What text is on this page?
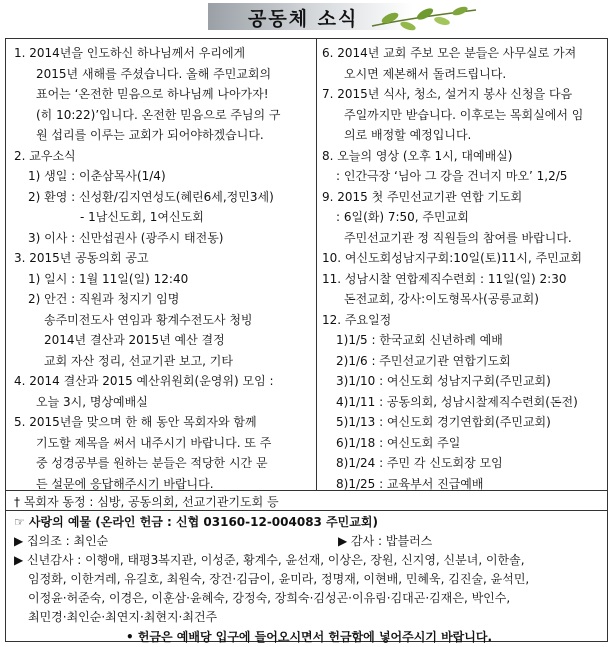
공동체 소식
1. 2014년을 인도하신 하나님께서 우리에게
2015년 새해를 주셨습니다. 올해 주민교회의
표어는 ‘온전한 믿음으로 하나님께 나아가자!
(히 10:22)’입니다. 온전한 믿음으로 주님의 구
원 섭리를 이루는 교회가 되어야하겠습니다.
2. 교우소식
1) 생일 : 이춘삼목사(1/4)
2) 환영 : 신성환/김지연성도(혜린6세,정민3세)
- 1남신도회, 1여신도회
3) 이사 : 신만섭권사 (광주시 태전동)
3. 2015년 공동의회 공고
1) 일시 : 1월 11일(일) 12:40
2) 안건 : 직원과 청지기 임명
송주미전도사 연임과 황계수전도사 청빙
2014년 결산과 2015년 예산 결정
교회 자산 정리, 선교기관 보고, 기타
4. 2014 결산과 2015 예산위원회(운영위) 모임 :
오늘 3시, 명상예배실
5. 2015년을 맞으며 한 해 동안 목회자와 함께
기도할 제목을 써서 내주시기 바랍니다. 또 주
중 성경공부를 원하는 분들은 적당한 시간 문
든 설문에 응답해주시기 바랍니다.
6. 2014년 교회 주보 모은 분들은 사무실로 가져
오시면 제본해서 돌려드립니다.
7. 2015년 식사, 청소, 설거지 봉사 신청을 다음
주일까지만 받습니다. 이후로는 목회실에서 임
의로 배정할 예정입니다.
8. 오늘의 영상 (오후 1시, 대예배실)
: 인간극장 ‘님아 그 강을 건너지 마오’ 1,2/5
9. 2015 첫 주민선교기관 연합 기도회
: 6일(화) 7:50, 주민교회
주민선교기관 정 직원들의 참여를 바랍니다.
10. 여신도회성남지구회:10일(토)11시, 주민교회
11. 성남시찰 연합제직수련회 : 11일(일) 2:30
돈전교회, 강사:이도형목사(공릉교회)
12. 주요일정
1)1/5 : 한국교회 신년하례 예배
2)1/6 : 주민선교기관 연합기도회
3)1/10 : 여신도회 성남지구회(주민교회)
4)1/11 : 공동의회, 성남시찰제직수련회(돈전)
5)1/13 : 여신도회 경기연합회(주민교회)
6)1/18 : 여신도회 주일
8)1/24 : 주민 각 신도회장 모임
8)1/25 : 교육부서 진급예배
† 목회자 동정 : 심방, 공동의회, 선교기관기도회 등
☞ 사랑의 예물 (온라인 헌금 : 신협 03160-12-004083 주민교회)
▶ 집의조 : 최인순	▶ 감사 : 밥블러스
▶ 신년감사 : 이행애, 태평3복지관, 이성준, 황계수, 윤선재, 이상은, 장원, 신지영, 신분녀, 이한솔,
임정화, 이한겨레, 유길호, 최원숙, 장건·김금이, 윤미라, 정명재, 이현배, 민혜욱, 김진술, 윤석민,
이정윤·허준숙, 이경은, 이훈삼·윤혜숙, 강정숙, 장희숙·김성곤·이유림·김대곤·김재은, 박인수,
최민경·최인순·최연지·최현지·최건주
• 헌금은 예배당 입구에 들어오시면서 헌금함에 넣어주시기 바랍니다.
